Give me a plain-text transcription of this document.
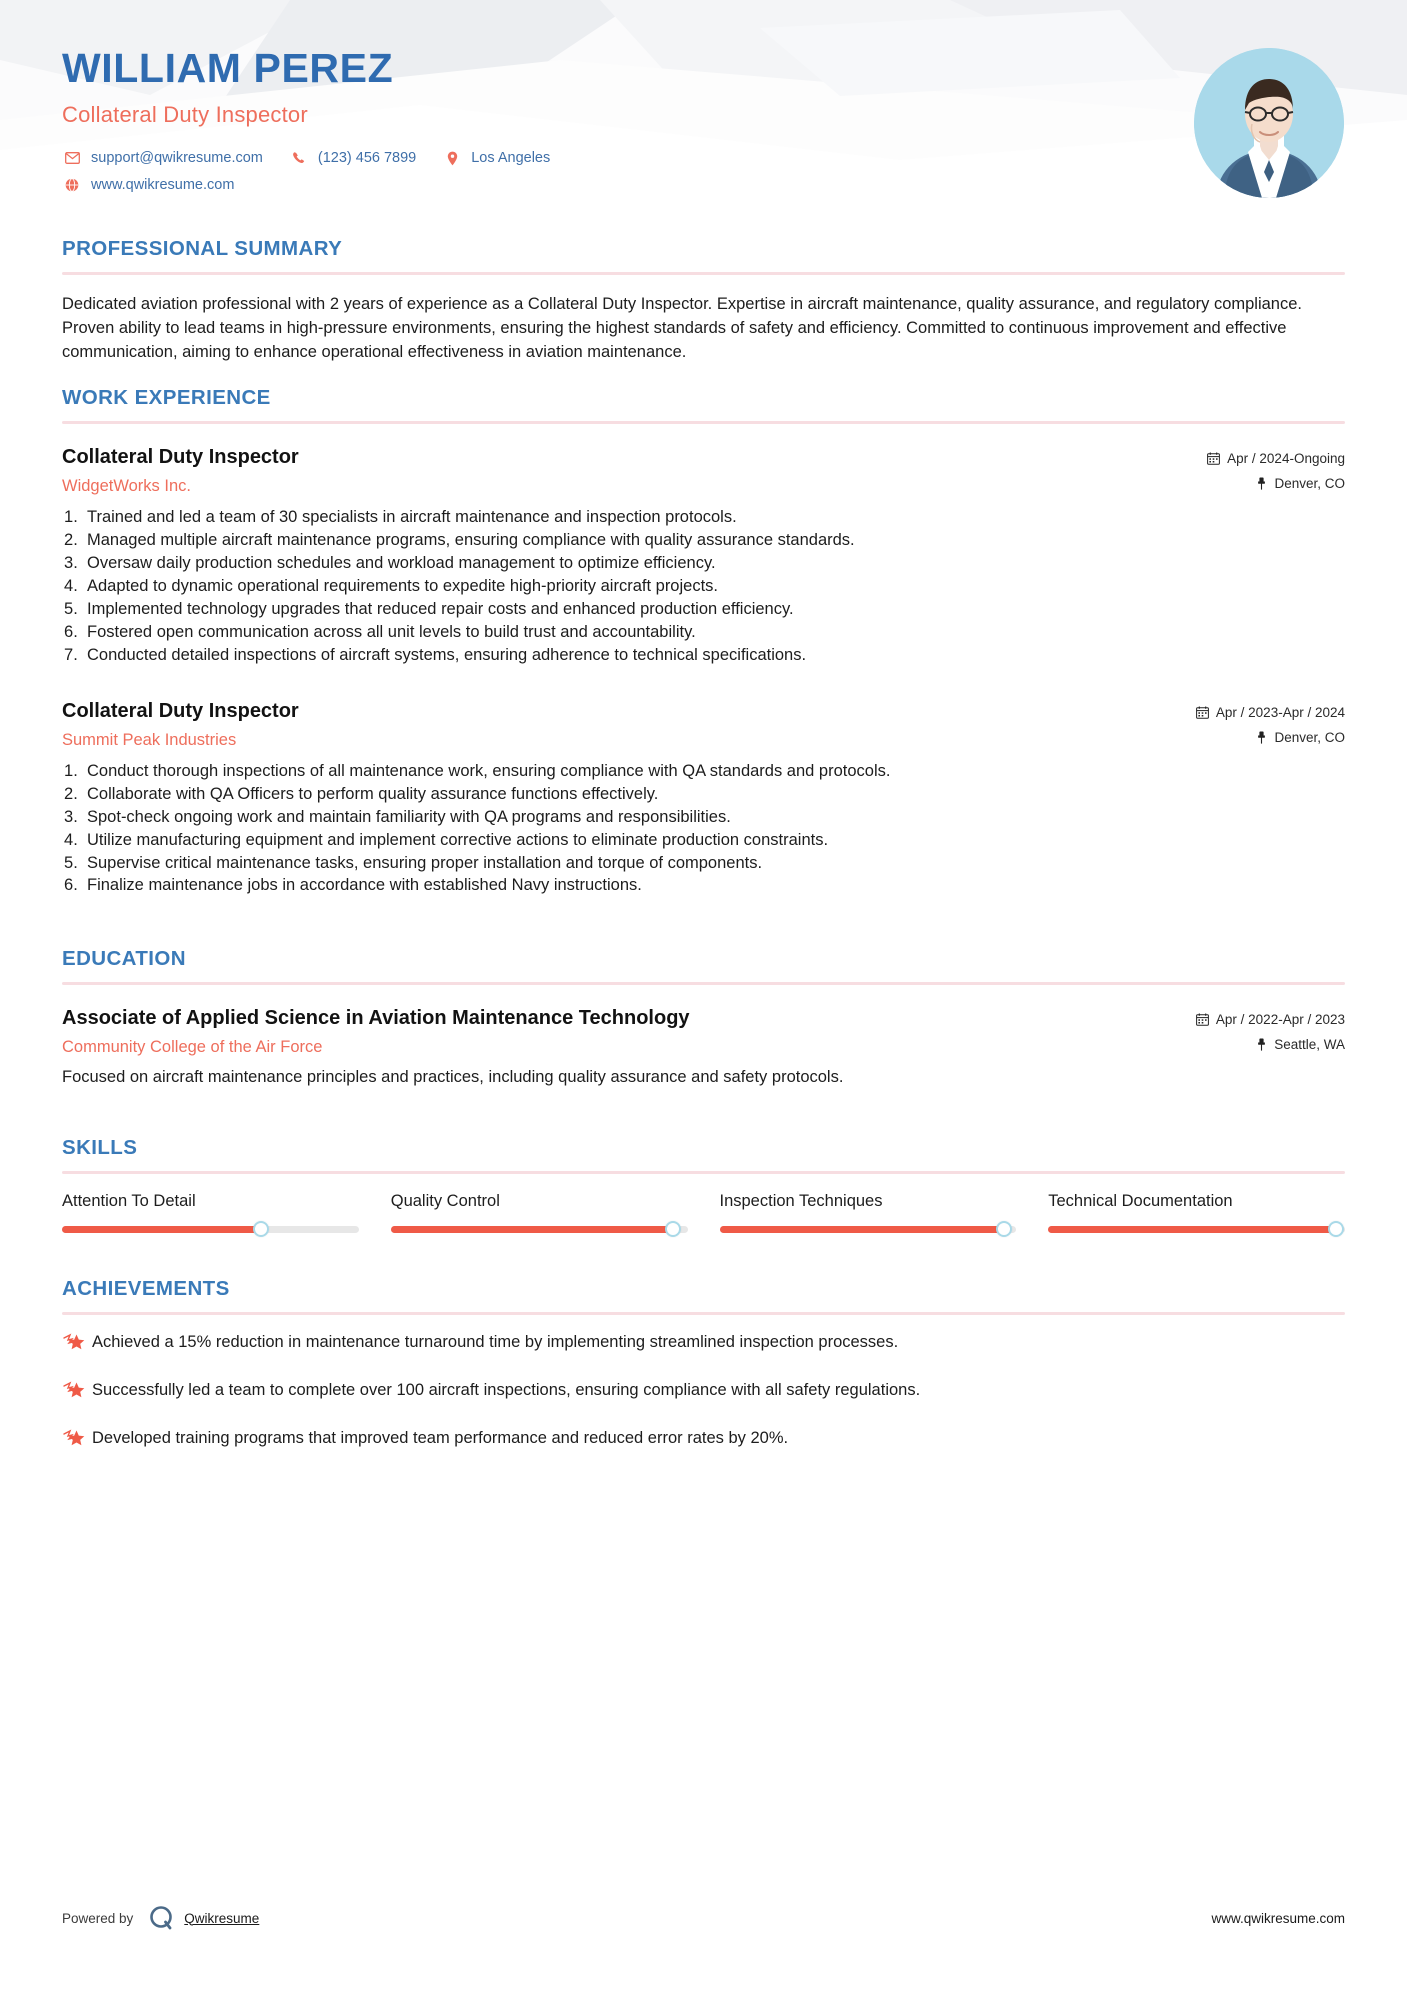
WILLIAM PEREZ
Collateral Duty Inspector
support@qwikresume.com	(123) 456 7899	Los Angeles
www.qwikresume.com
PROFESSIONAL SUMMARY

Dedicated aviation professional with 2 years of experience as a Collateral Duty Inspector. Expertise in aircraft maintenance, quality assurance, and regulatory compliance. Proven ability to lead teams in high-pressure environments, ensuring the highest standards of safety and efficiency. Committed to continuous improvement and effective communication, aiming to enhance operational effectiveness in aviation maintenance.

WORK EXPERIENCE
Collateral Duty Inspector
WidgetWorks Inc.
Apr / 2024-Ongoing
Denver, CO
Trained and led a team of 30 specialists in aircraft maintenance and inspection protocols.
Managed multiple aircraft maintenance programs, ensuring compliance with quality assurance standards.
Oversaw daily production schedules and workload management to optimize efficiency.
Adapted to dynamic operational requirements to expedite high-priority aircraft projects.
Implemented technology upgrades that reduced repair costs and enhanced production efficiency.
Fostered open communication across all unit levels to build trust and accountability.
Conducted detailed inspections of aircraft systems, ensuring adherence to technical specifications.
Collateral Duty Inspector
Summit Peak Industries
Apr / 2023-Apr / 2024
Denver, CO
Conduct thorough inspections of all maintenance work, ensuring compliance with QA standards and protocols.
Collaborate with QA Officers to perform quality assurance functions effectively.
Spot-check ongoing work and maintain familiarity with QA programs and responsibilities.
Utilize manufacturing equipment and implement corrective actions to eliminate production constraints.
Supervise critical maintenance tasks, ensuring proper installation and torque of components.
Finalize maintenance jobs in accordance with established Navy instructions.
EDUCATION
Associate of Applied Science in Aviation Maintenance Technology
Community College of the Air Force
Apr / 2022-Apr / 2023
Seattle, WA

Focused on aircraft maintenance principles and practices, including quality assurance and safety protocols.

SKILLS
Attention To Detail	Quality Control	Inspection Techniques	Technical Documentation
ACHIEVEMENTS
Achieved a 15% reduction in maintenance turnaround time by implementing streamlined inspection processes.
Successfully led a team to complete over 100 aircraft inspections, ensuring compliance with all safety regulations.
Developed training programs that improved team performance and reduced error rates by 20%.
Powered by	Qwikresume	www.qwikresume.com
